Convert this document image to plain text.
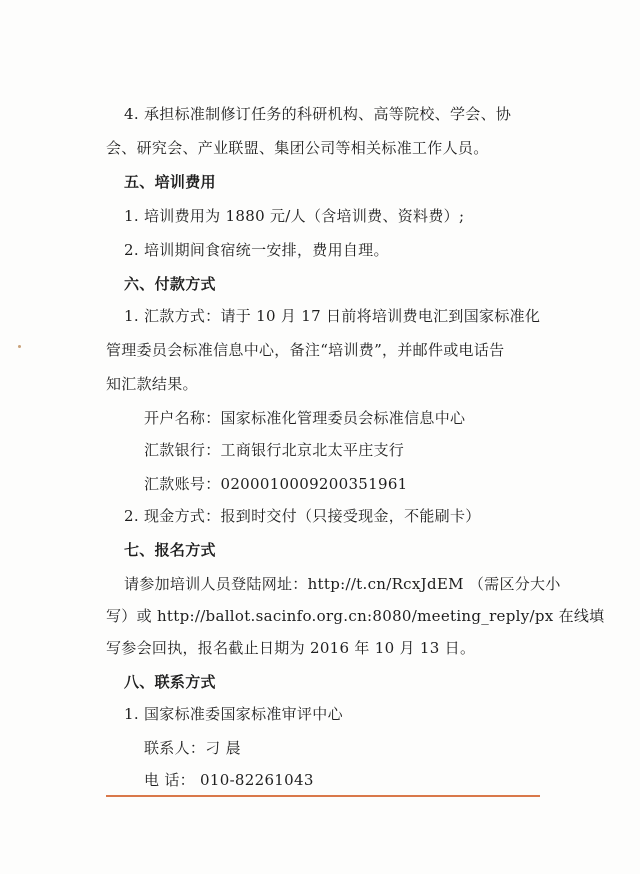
4. 承担标准制修订任务的科研机构、高等院校、学会、协
会、研究会、产业联盟、集团公司等相关标准工作人员。
五、培训费用
1. 培训费用为 1880 元/人（含培训费、资料费）;
2. 培训期间食宿统一安排，费用自理。
六、付款方式
1. 汇款方式：请于 10 月 17 日前将培训费电汇到国家标准化
管理委员会标准信息中心，备注“培训费”，并邮件或电话告
知汇款结果。
开户名称：国家标准化管理委员会标准信息中心
汇款银行：工商银行北京北太平庄支行
汇款账号：0200010009200351961
2. 现金方式：报到时交付（只接受现金，不能刷卡）
七、报名方式
请参加培训人员登陆网址：http://t.cn/RcxJdEM （需区分大小
写）或 http://ballot.sacinfo.org.cn:8080/meeting_reply/px 在线填
写参会回执，报名截止日期为 2016 年 10 月 13 日。
八、联系方式
1. 国家标准委国家标准审评中心
联系人：刁 晨
电 话： 010-82261043
